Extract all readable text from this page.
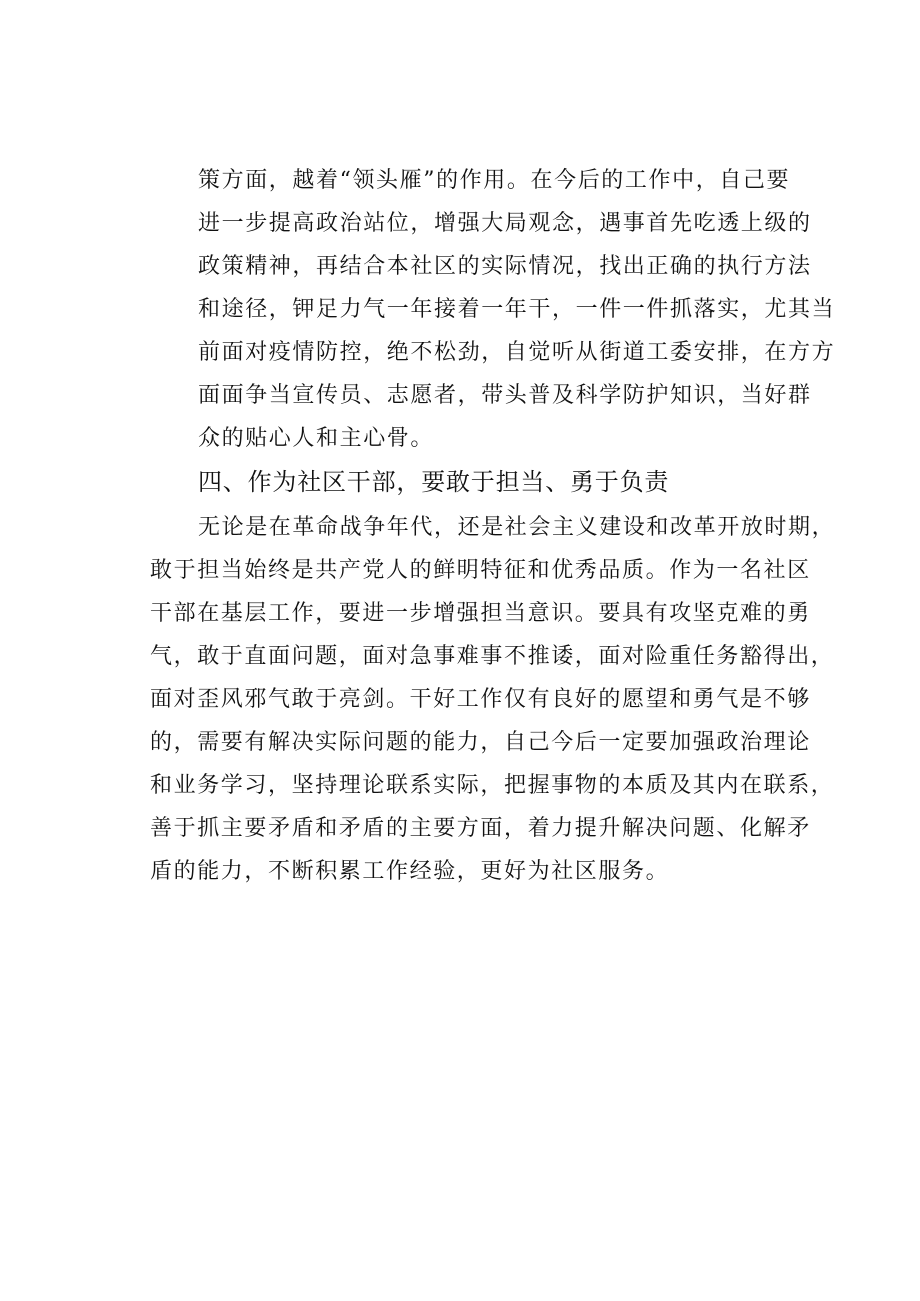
策方面，越着“领头雁”的作用。在今后的工作中，自己要
进一步提高政治站位，增强大局观念，遇事首先吃透上级的
政策精神，再结合本社区的实际情况，找出正确的执行方法
和途径，钾足力气一年接着一年干，一件一件抓落实，尤其当
前面对疫情防控，绝不松劲，自觉听从街道工委安排，在方方
面面争当宣传员、志愿者，带头普及科学防护知识，当好群
众的贴心人和主心骨。
四、作为社区干部，要敢于担当、勇于负责
无论是在革命战争年代，还是社会主义建设和改革开放时期，
敢于担当始终是共产党人的鲜明特征和优秀品质。作为一名社区
干部在基层工作，要进一步增强担当意识。要具有攻坚克难的勇
气，敢于直面问题，面对急事难事不推诿，面对险重任务豁得出，
面对歪风邪气敢于亮剑。干好工作仅有良好的愿望和勇气是不够
的，需要有解决实际问题的能力，自己今后一定要加强政治理论
和业务学习，坚持理论联系实际，把握事物的本质及其内在联系，
善于抓主要矛盾和矛盾的主要方面，着力提升解决问题、化解矛
盾的能力，不断积累工作经验，更好为社区服务。
